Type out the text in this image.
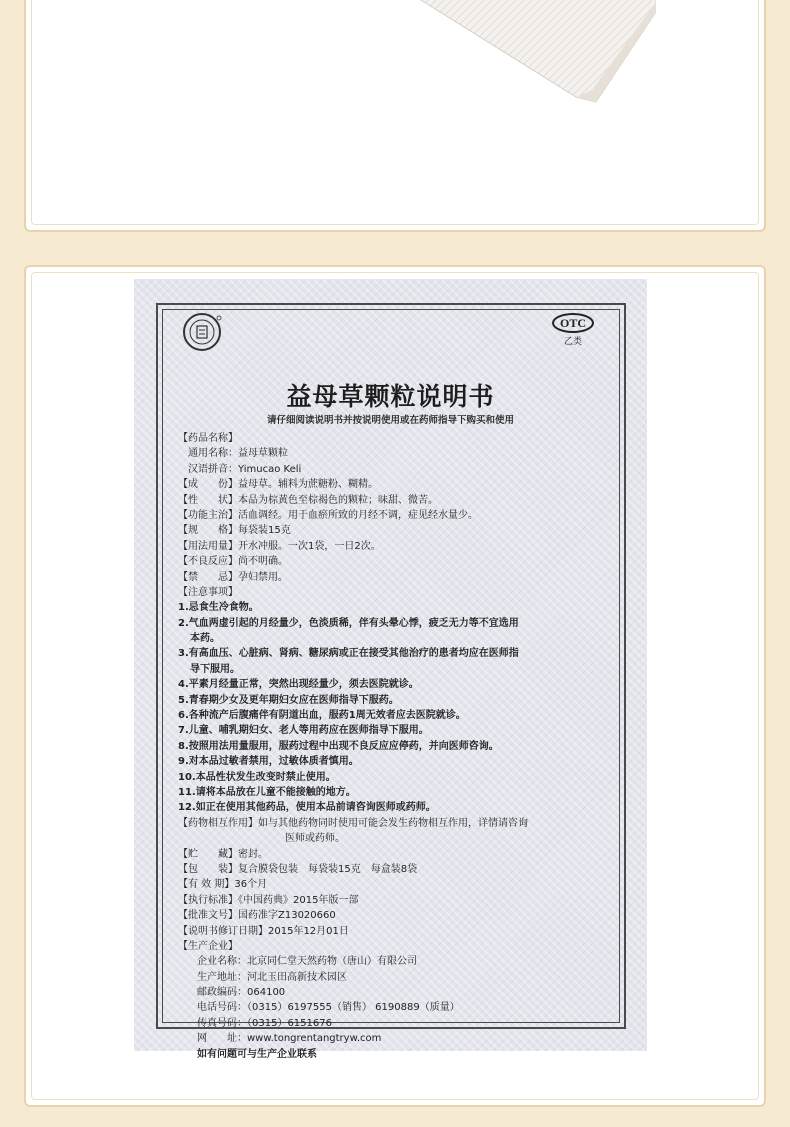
OTC
乙类
益母草颗粒说明书
请仔细阅读说明书并按说明使用或在药师指导下购买和使用
【药品名称】
通用名称：益母草颗粒
汉语拼音：Yimucao Keli
【成　　份】益母草。辅料为蔗糖粉、糊精。
【性　　状】本品为棕黄色至棕褐色的颗粒；味甜、微苦。
【功能主治】活血调经。用于血瘀所致的月经不调，症见经水量少。
【规　　格】每袋装15克
【用法用量】开水冲服。一次1袋，一日2次。
【不良反应】尚不明确。
【禁　　忌】孕妇禁用。
【注意事项】
1.忌食生冷食物。
2.气血两虚引起的月经量少，色淡质稀，伴有头晕心悸，疲乏无力等不宜选用
本药。
3.有高血压、心脏病、肾病、糖尿病或正在接受其他治疗的患者均应在医师指
导下服用。
4.平素月经量正常，突然出现经量少，须去医院就诊。
5.青春期少女及更年期妇女应在医师指导下服药。
6.各种流产后腹痛伴有阴道出血，服药1周无效者应去医院就诊。
7.儿童、哺乳期妇女、老人等用药应在医师指导下服用。
8.按照用法用量服用，服药过程中出现不良反应应停药，并向医师咨询。
9.对本品过敏者禁用，过敏体质者慎用。
10.本品性状发生改变时禁止使用。
11.请将本品放在儿童不能接触的地方。
12.如正在使用其他药品，使用本品前请咨询医师或药师。
【药物相互作用】如与其他药物同时使用可能会发生药物相互作用，详情请咨询
医师或药师。
【贮　　藏】密封。
【包　　装】复合膜袋包装　每袋装15克　每盒装8袋
【有 效 期】36个月
【执行标准】《中国药典》2015年版一部
【批准文号】国药准字Z13020660
【说明书修订日期】2015年12月01日
【生产企业】
企业名称：北京同仁堂天然药物（唐山）有限公司
生产地址：河北玉田高新技术园区
邮政编码：064100
电话号码：（0315）6197555（销售） 6190889（质量）
传真号码：（0315）6151676
网　　址：www.tongrentangtryw.com
如有问题可与生产企业联系
